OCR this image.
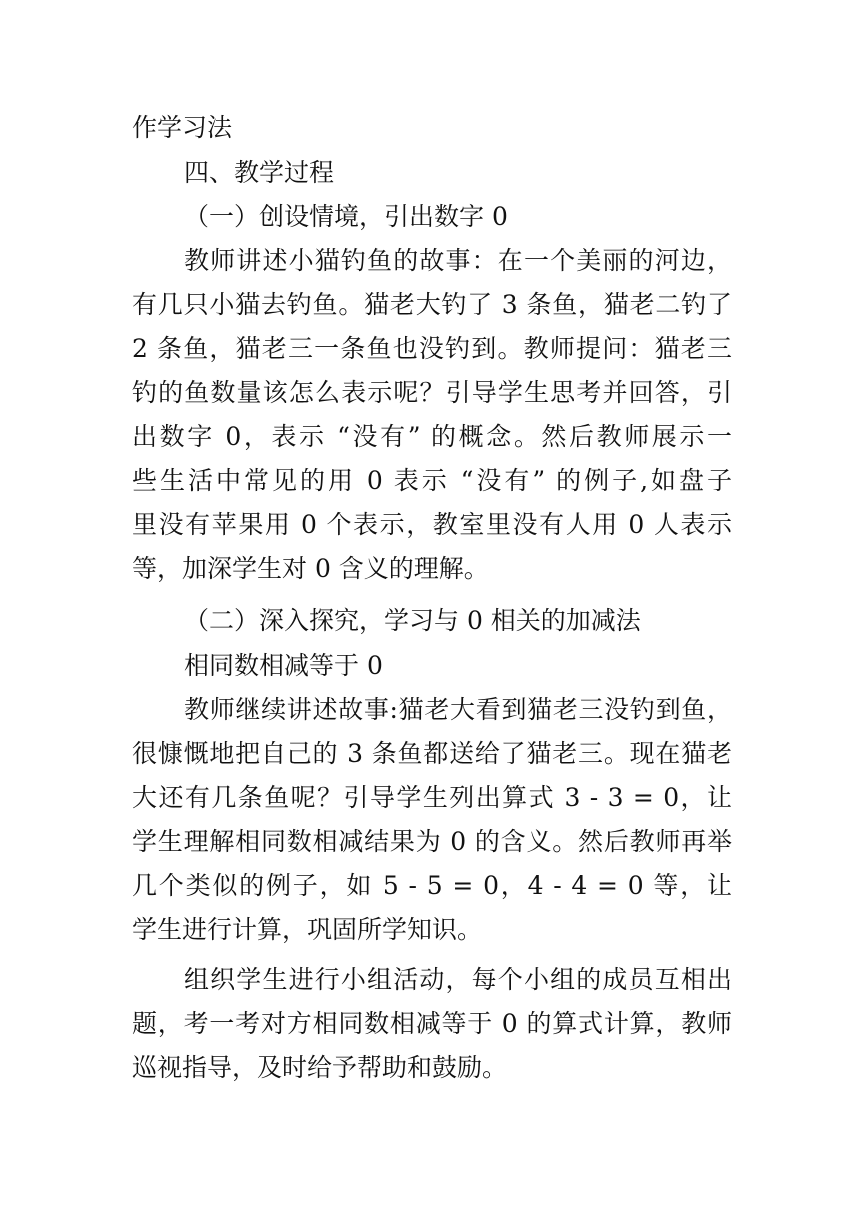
作学习法
四、教学过程
（一）创设情境，引出数字 0
教师讲述小猫钓鱼的故事：在一个美丽的河边，
有几只小猫去钓鱼。猫老大钓了 3 条鱼，猫老二钓了
2 条鱼，猫老三一条鱼也没钓到。教师提问：猫老三
钓的鱼数量该怎么表示呢？引导学生思考并回答，引
出数字 0，表示 “没有” 的概念。然后教师展示一
些生活中常见的用 0 表示 “没有” 的例子,如盘子
里没有苹果用 0 个表示，教室里没有人用 0 人表示
等，加深学生对 0 含义的理解。
（二）深入探究，学习与 0 相关的加减法
相同数相减等于 0
教师继续讲述故事:猫老大看到猫老三没钓到鱼，
很慷慨地把自己的 3 条鱼都送给了猫老三。现在猫老
大还有几条鱼呢？引导学生列出算式 3 - 3 = 0，让
学生理解相同数相减结果为 0 的含义。然后教师再举
几个类似的例子，如 5 - 5 = 0，4 - 4 = 0 等，让
学生进行计算，巩固所学知识。
组织学生进行小组活动，每个小组的成员互相出
题，考一考对方相同数相减等于 0 的算式计算，教师
巡视指导，及时给予帮助和鼓励。
